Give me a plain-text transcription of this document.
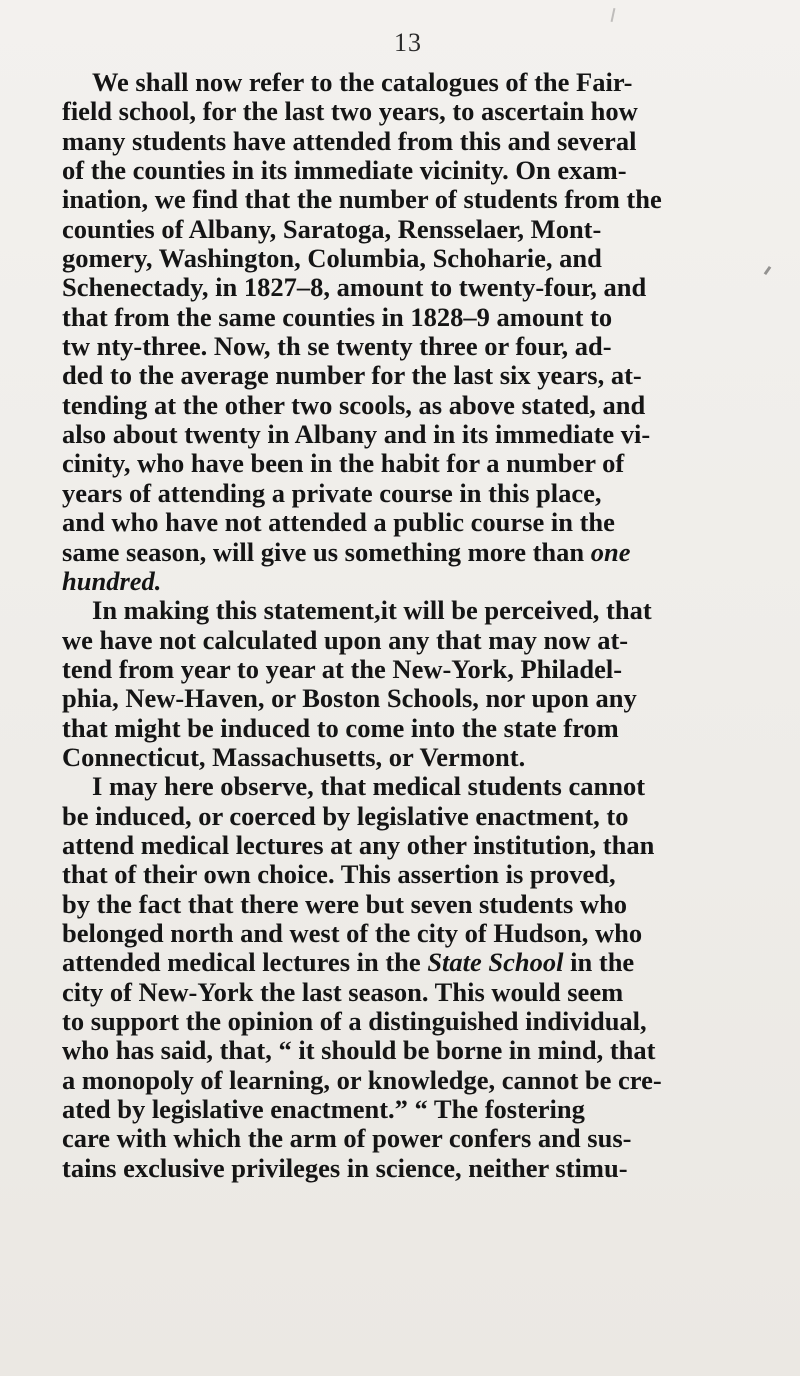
13
We shall now refer to the catalogues of the Fair-
field school, for the last two years, to ascertain how
many students have attended from this and several
of the counties in its immediate vicinity. On exam-
ination, we find that the number of students from the
counties of Albany, Saratoga, Rensselaer, Mont-
gomery, Washington, Columbia, Schoharie, and
Schenectady, in 1827–8, amount to twenty-four, and
that from the same counties in 1828–9 amount to
tw nty-three. Now, th se twenty three or four, ad-
ded to the average number for the last six years, at-
tending at the other two scools, as above stated, and
also about twenty in Albany and in its immediate vi-
cinity, who have been in the habit for a number of
years of attending a private course in this place,
and who have not attended a public course in the
same season, will give us something more than one
hundred.
In making this statement,it will be perceived, that
we have not calculated upon any that may now at-
tend from year to year at the New-York, Philadel-
phia, New-Haven, or Boston Schools, nor upon any
that might be induced to come into the state from
Connecticut, Massachusetts, or Vermont.
I may here observe, that medical students cannot
be induced, or coerced by legislative enactment, to
attend medical lectures at any other institution, than
that of their own choice. This assertion is proved,
by the fact that there were but seven students who
belonged north and west of the city of Hudson, who
attended medical lectures in the State School in the
city of New-York the last season. This would seem
to support the opinion of a distinguished individual,
who has said, that, “ it should be borne in mind, that
a monopoly of learning, or knowledge, cannot be cre-
ated by legislative enactment.” “ The fostering
care with which the arm of power confers and sus-
tains exclusive privileges in science, neither stimu-
